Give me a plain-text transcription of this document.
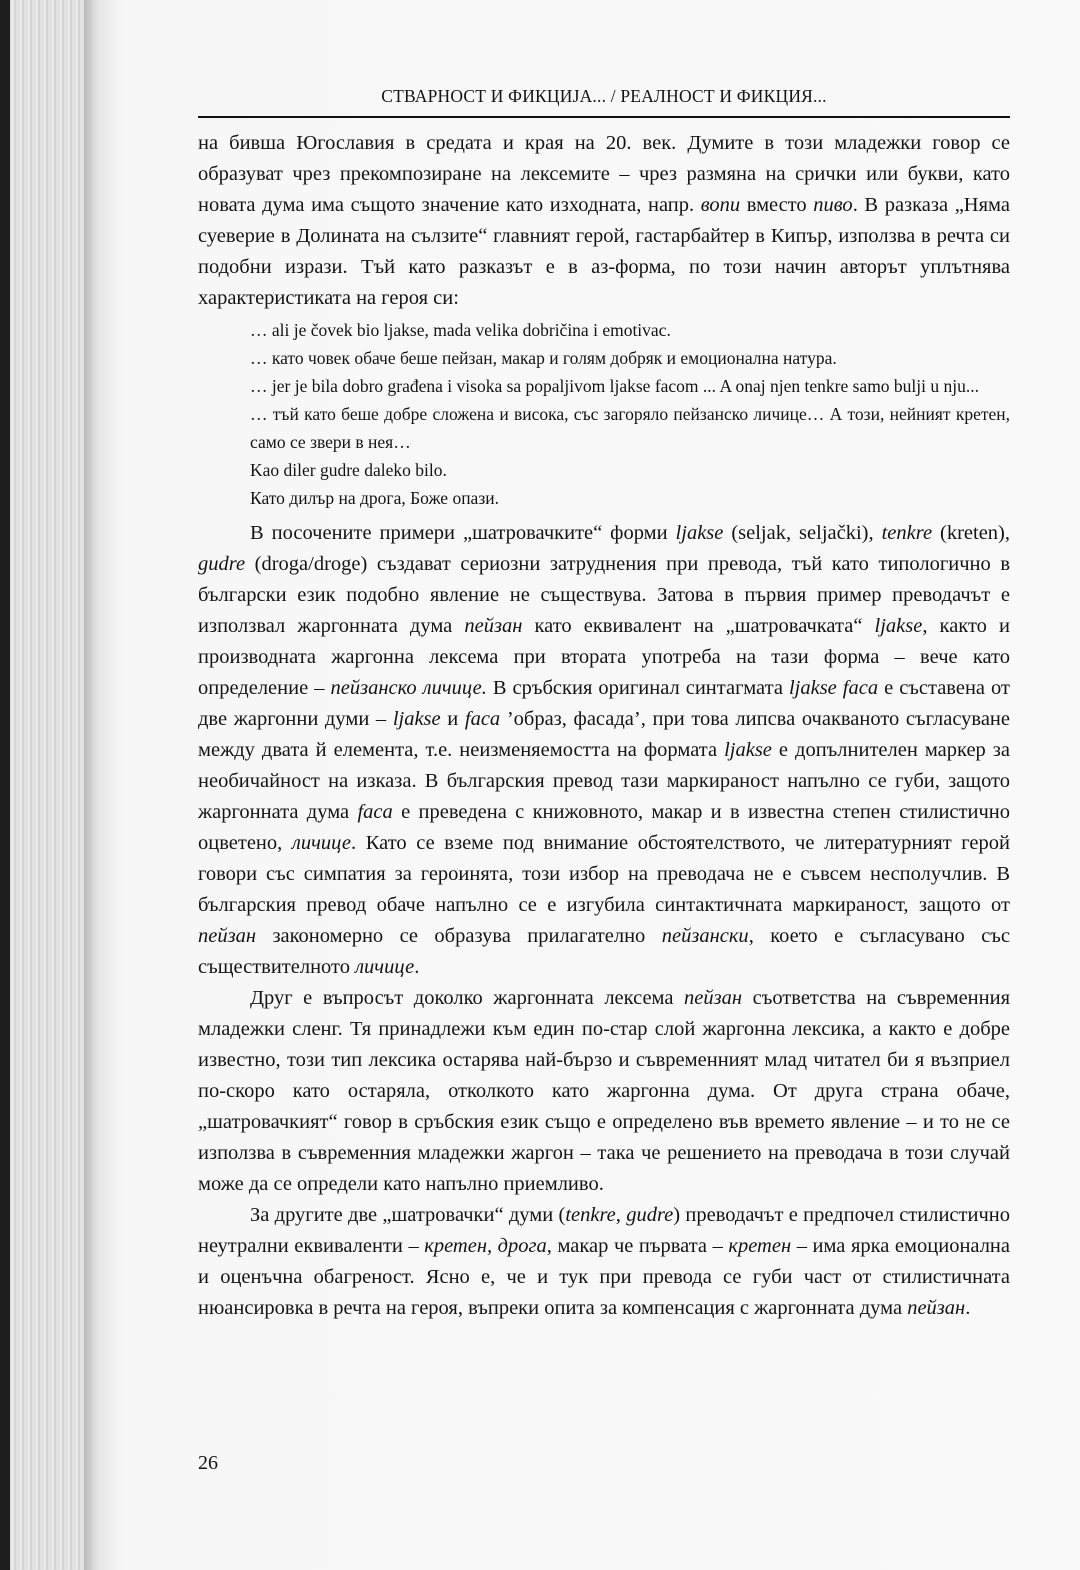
СТВАРНОСТ И ФИКЦИЈА... / РЕАЛНОСТ И ФИКЦИЯ...

на бивша Югославия в средата и края на 20. век. Думите в този младежки говор се образуват чрез прекомпозиране на лексемите – чрез размяна на срички или букви, като новата дума има същото значение като изходната, напр. вопи вместо пиво. В разказа „Няма суеверие в Долината на сълзите“ главният герой, гастарбайтер в Кипър, използва в речта си подобни изрази. Тъй като разказът е в аз-форма, по този начин авторът уплътнява характеристиката на героя си:

… ali je čovek bio ljakse, mada velika dobričina i emotivac.
… като човек обаче беше пейзан, макар и голям добряк и емоционална натура.
… jer je bila dobro građena i visoka sa popaljivom ljakse facom ... A onaj njen tenkre samo bulji u nju...
… тъй като беше добре сложена и висока, със загоряло пейзанско личице… А този, нейният кретен, само се звери в нея…
Kao diler gudre daleko bilo.
Като дилър на дрога, Боже опази.

В посочените примери „шатровачките“ форми ljakse (seljak, seljački), tenkre (kreten), gudre (droga/droge) създават сериозни затруднения при превода, тъй като типологично в български език подобно явление не съществува. Затова в първия пример преводачът е използвал жаргонната дума пейзан като еквивалент на „шатровачката“ ljakse, както и производната жаргонна лексема при втората употреба на тази форма – вече като определение – пейзанско личице. В сръбския оригинал синтагмата ljakse faca е съставена от две жаргонни думи – ljakse и faca ’образ, фасада’, при това липсва очакваното съгласуване между двата й елемента, т.е. неизменяемостта на формата ljakse е допълнителен маркер за необичайност на изказа. В българския превод тази маркираност напълно се губи, защото жаргонната дума faca е преведена с книжовното, макар и в известна степен стилистично оцветено, личице. Като се вземе под внимание обстоятелството, че литературният герой говори със симпатия за героинята, този избор на преводача не е съвсем несполучлив. В българския превод обаче напълно се е изгубила синтактичната маркираност, защото от пейзан закономерно се образува прилагателно пейзански, което е съгласувано със съществителното личице.

Друг е въпросът доколко жаргонната лексема пейзан съответства на съвременния младежки сленг. Тя принадлежи към един по-стар слой жаргонна лексика, а както е добре известно, този тип лексика остарява най-бързо и съвременният млад читател би я възприел по-скоро като остаряла, отколкото като жаргонна дума. От друга страна обаче, „шатровачкият“ говор в сръбския език също е определено във времето явление – и то не се използва в съвременния младежки жаргон – така че решението на преводача в този случай може да се определи като напълно приемливо.

За другите две „шатровачки“ думи (tenkre, gudre) преводачът е предпочел стилистично неутрални еквиваленти – кретен, дрога, макар че първата – кретен – има ярка емоционална и оценъчна обагреност. Ясно е, че и тук при превода се губи част от стилистичната нюансировка в речта на героя, въпреки опита за компенсация с жаргонната дума пейзан.

26
